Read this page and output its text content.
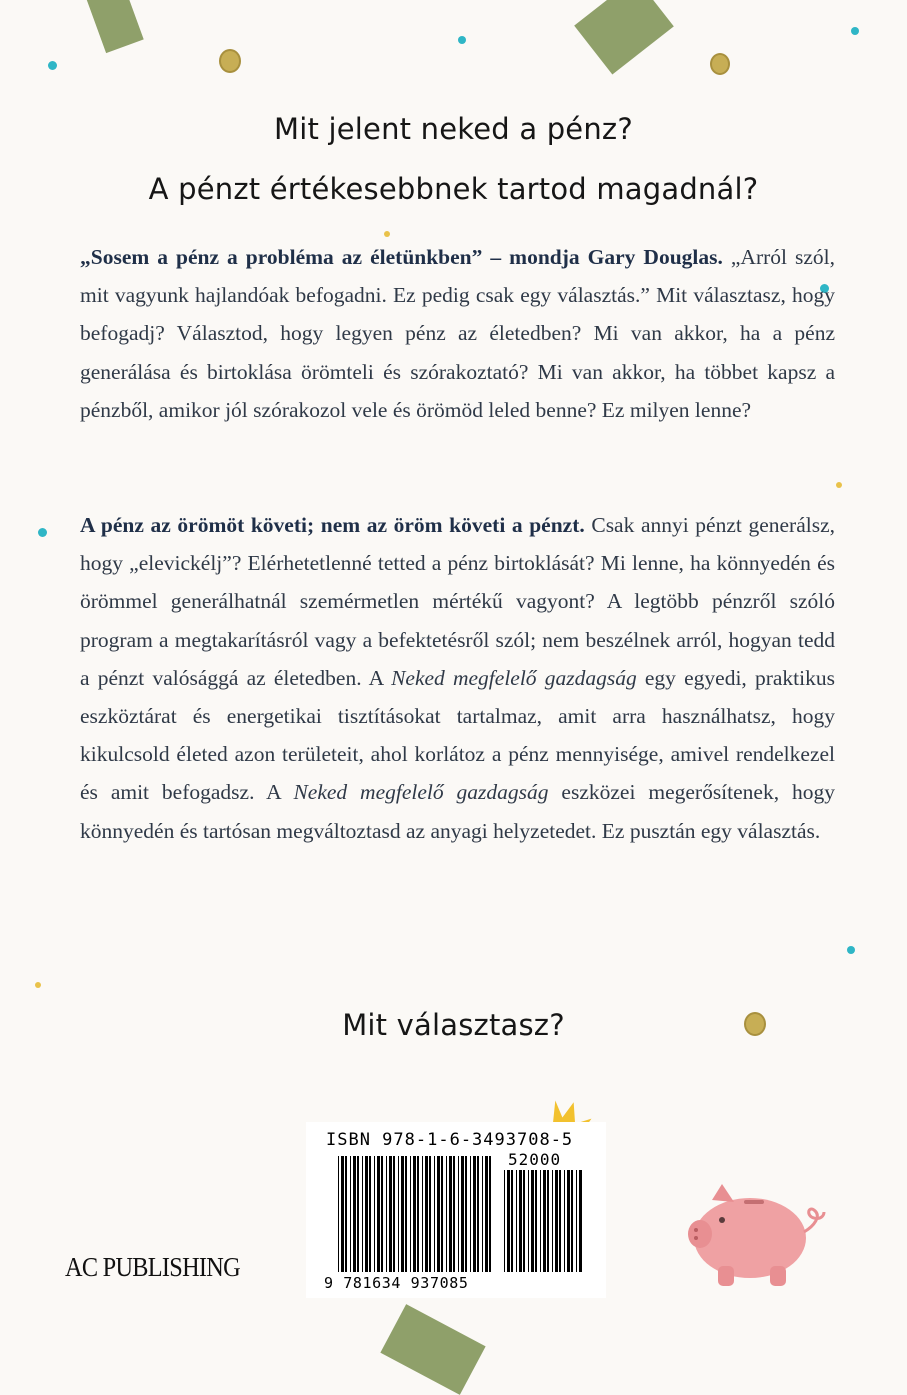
Mit jelent neked a pénz?
A pénzt értékesebbnek tartod magadnál?
„Sosem a pénz a probléma az életünkben” – mondja Gary Douglas. „Arról szól, mit vagyunk hajlandóak befogadni. Ez pedig csak egy választás.” Mit választasz, hogy befogadj? Választod, hogy legyen pénz az életedben? Mi van akkor, ha a pénz generálása és birtoklása örömteli és szórakoztató? Mi van akkor, ha többet kapsz a pénzből, amikor jól szórakozol vele és örömöd leled benne? Ez milyen lenne?
A pénz az örömöt követi; nem az öröm követi a pénzt. Csak annyi pénzt generálsz, hogy „elevickélj”? Elérhetetlenné tetted a pénz birtoklását? Mi lenne, ha könnyedén és örömmel generálhatnál szemérmetlen mértékű vagyont? A legtöbb pénzről szóló program a megtakarításról vagy a befektetésről szól; nem beszélnek arról, hogyan tedd a pénzt valósággá az életedben. A Neked megfelelő gazdagság egy egyedi, praktikus eszköztárat és energetikai tisztításokat tartalmaz, amit arra használhatsz, hogy kikulcsold életed azon területeit, ahol korlátoz a pénz mennyisége, amivel rendelkezel és amit befogadsz. A Neked megfelelő gazdagság eszközei megerősítenek, hogy könnyedén és tartósan megváltoztasd az anyagi helyzetedet. Ez pusztán egy választás.
Mit választasz?
ISBN 978-1-6-3493708-5
52000
9 781634 937085
AC PUBLISHING
